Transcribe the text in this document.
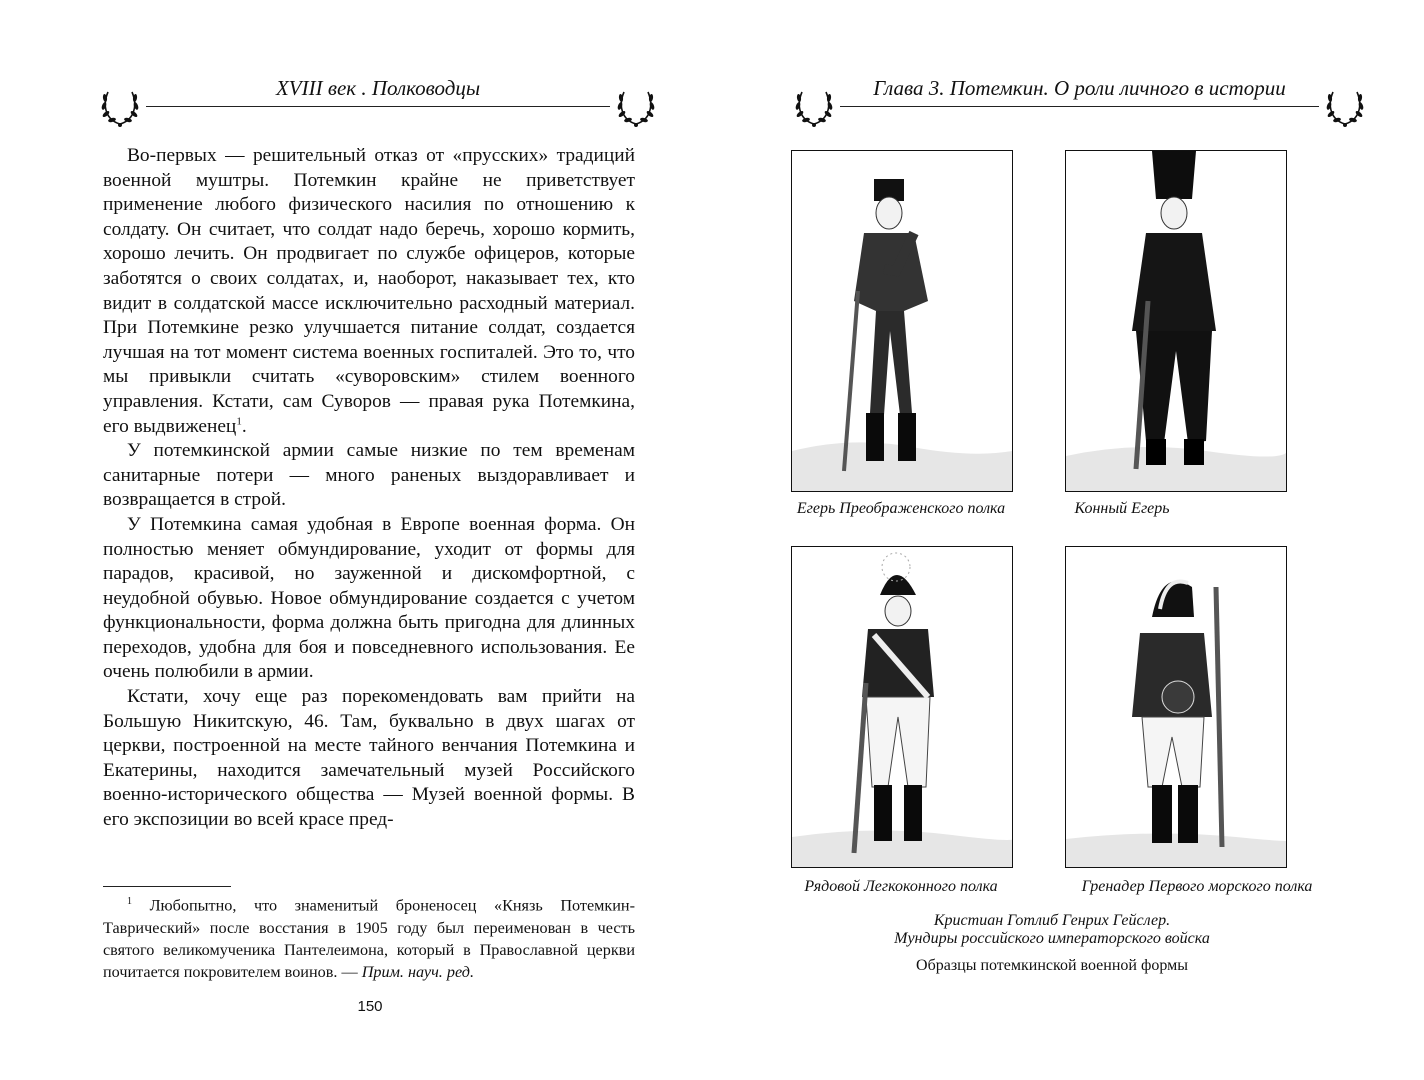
XVIII век . Полководцы

Во-первых — решительный отказ от «прусских» традиций военной муштры. Потемкин крайне не приветствует применение любого физического насилия по отношению к солдату. Он считает, что солдат надо беречь, хорошо кормить, хорошо лечить. Он продвигает по службе офицеров, которые заботятся о своих солдатах, и, наоборот, наказывает тех, кто видит в солдатской массе исключительно расходный материал. При Потемкине резко улучшается питание солдат, создается лучшая на тот момент система военных госпиталей. Это то, что мы привыкли считать «суворовским» стилем военного управления. Кстати, сам Суворов — правая рука Потемкина, его выдвиженец$^1$.

У потемкинской армии самые низкие по тем временам санитарные потери — много раненых выздоравливает и возвращается в строй.

У Потемкина самая удобная в Европе военная форма. Он полностью меняет обмундирование, уходит от формы для парадов, красивой, но зауженной и дискомфортной, с неудобной обувью. Новое обмундирование создается с учетом функциональности, форма должна быть пригодна для длинных переходов, удобна для боя и повседневного использования. Ее очень полюбили в армии.

Кстати, хочу еще раз порекомендовать вам прийти на Большую Никитскую, 46. Там, буквально в двух шагах от церкви, построенной на месте тайного венчания Потемкина и Екатерины, находится замечательный музей Российского военно-исторического общества — Музей военной формы. В его экспозиции во всей красе пред-

$^1$ Любопытно, что знаменитый броненосец «Князь Потемкин-Таврический» после восстания в 1905 году был переименован в честь святого великомученика Пантелеимона, который в Православной церкви почитается покровителем воинов. — Прим. науч. ред.

150
Глава 3. Потемкин. О роли личного в истории
Егерь Преображенского полка	Конный Егерь
Рядовой Легкоконного полка	Гренадер Первого морского полка
Кристиан Готлиб Генрих Гейслер.
Мундиры российского императорского войска
Образцы потемкинской военной формы
